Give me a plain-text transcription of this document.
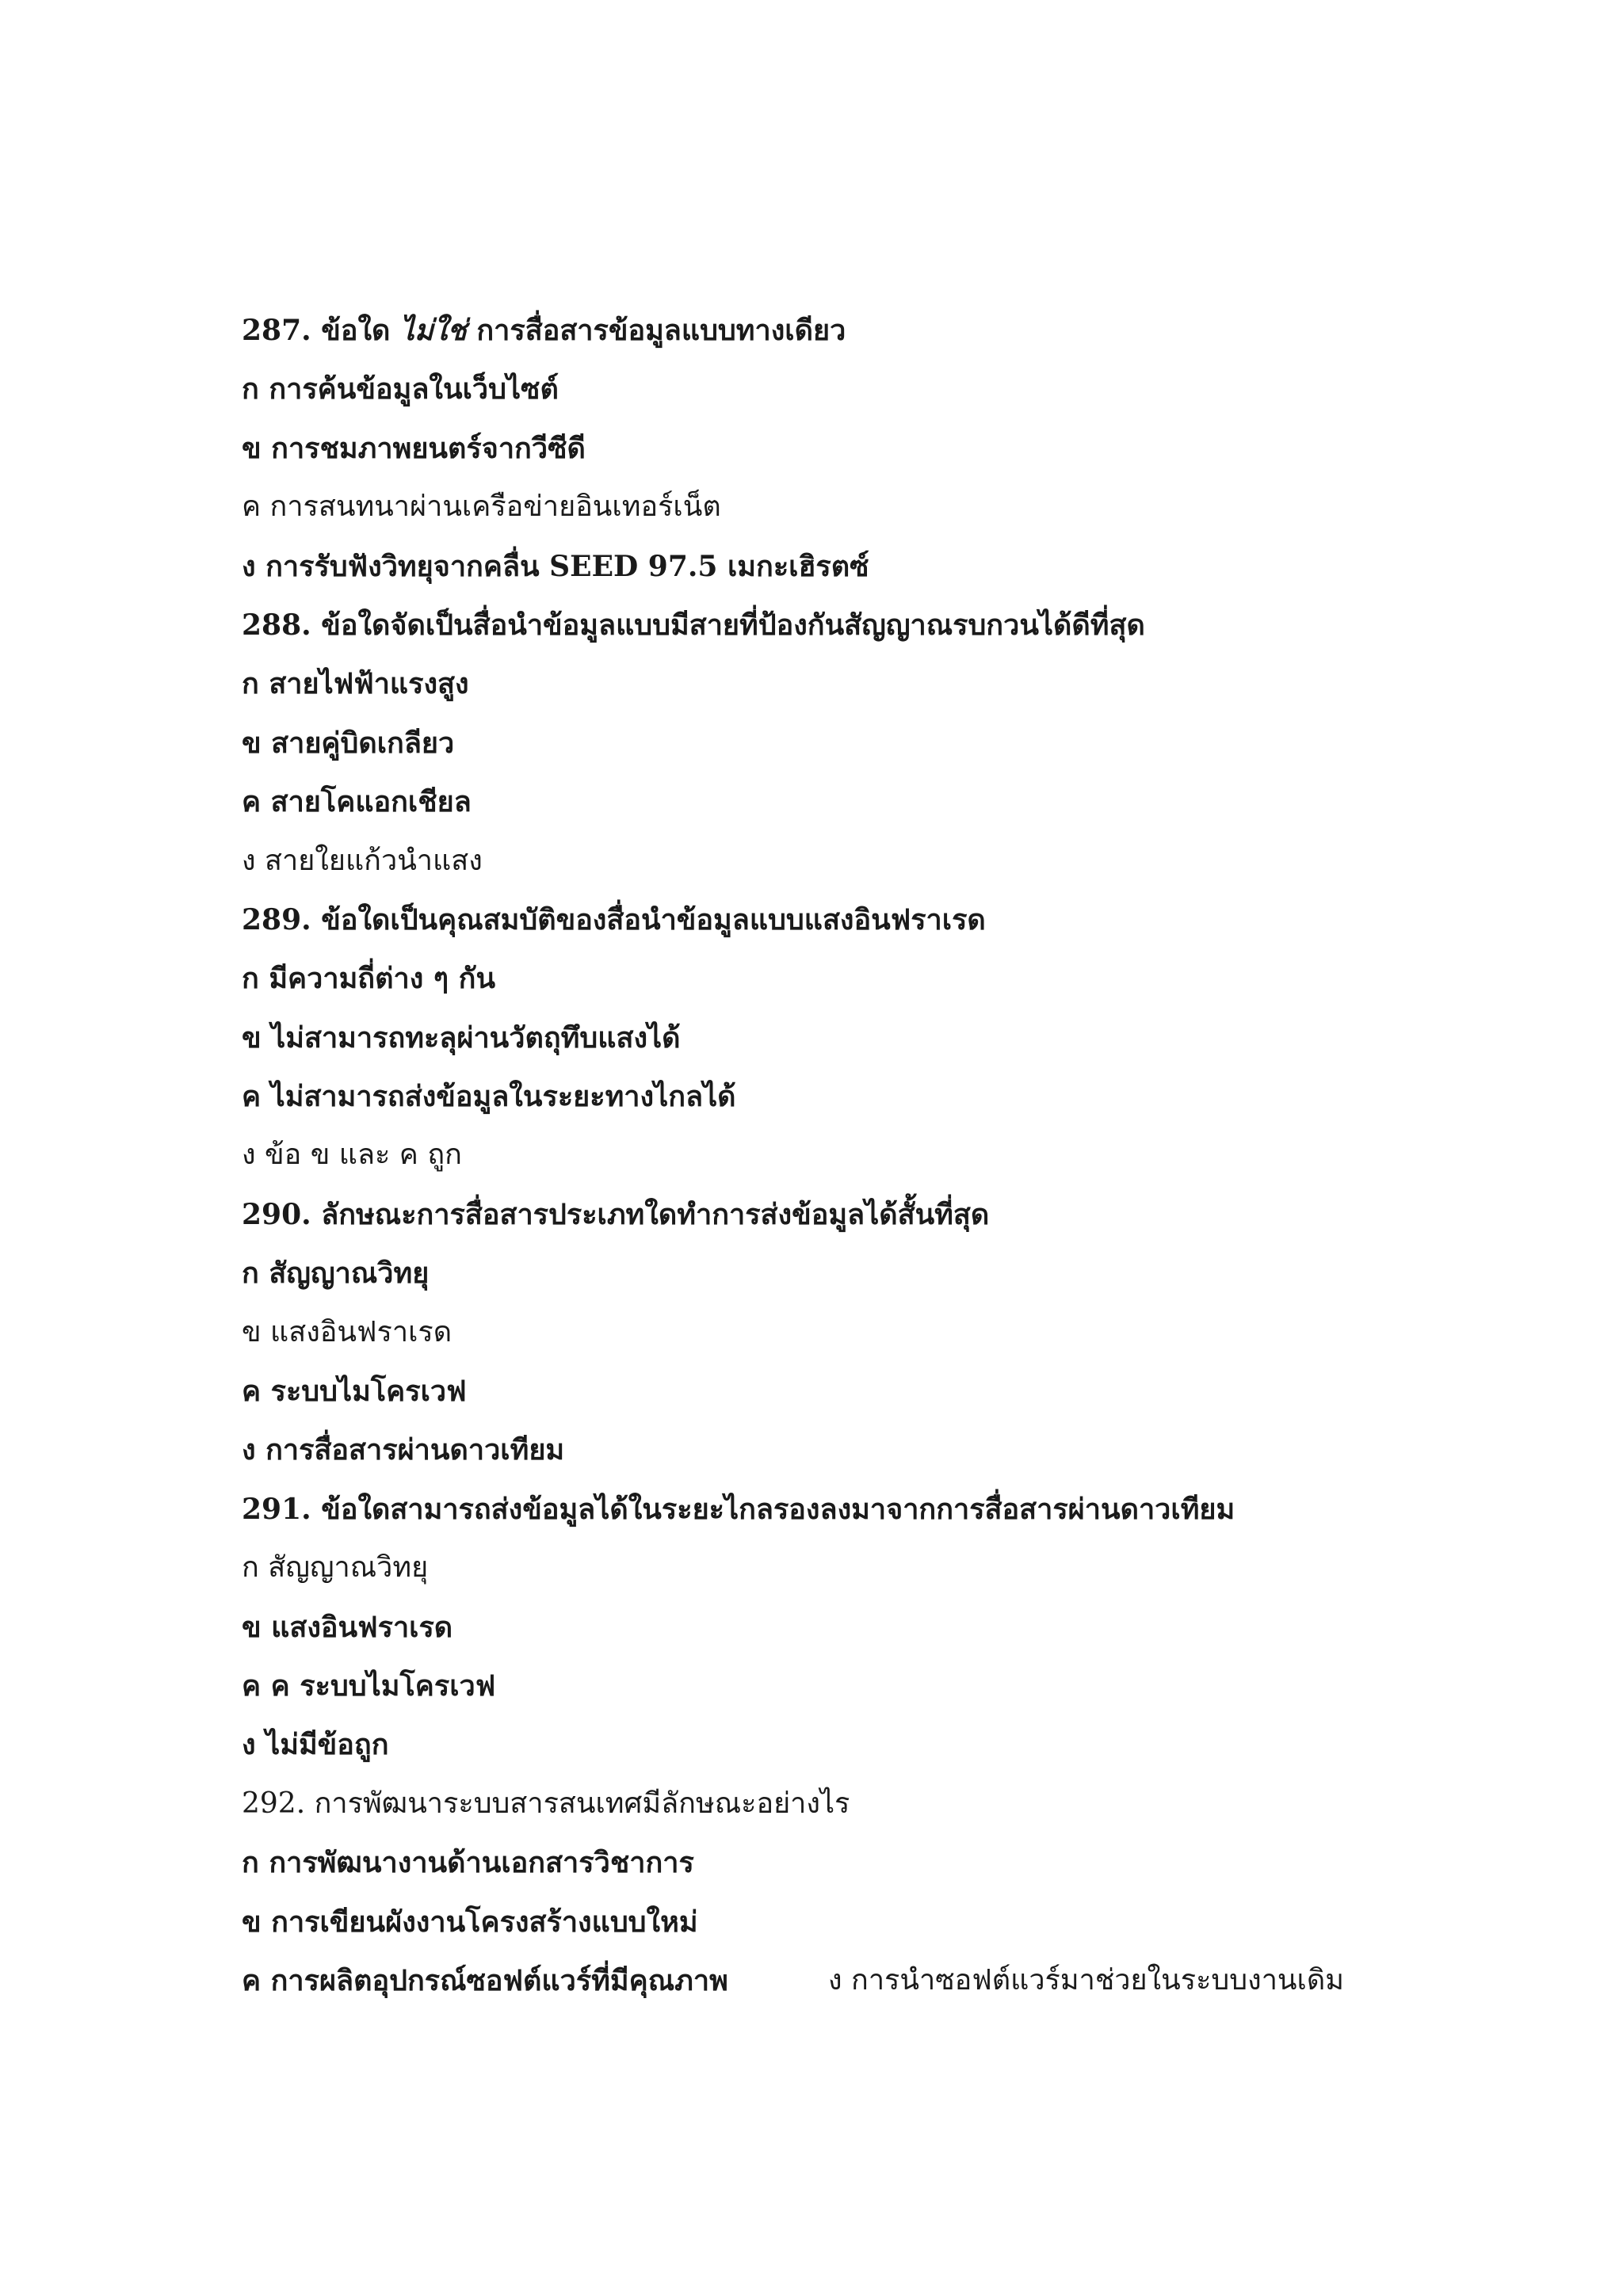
287. ข้อใด ไม่ใช่ การสื่อสารข้อมูลแบบทางเดียว
ก การค้นข้อมูลในเว็บไซต์
ข การชมภาพยนตร์จากวีซีดี
ค การสนทนาผ่านเครือข่ายอินเทอร์เน็ต
ง การรับฟังวิทยุจากคลื่น SEED 97.5 เมกะเฮิรตซ์
288. ข้อใดจัดเป็นสื่อนำข้อมูลแบบมีสายที่ป้องกันสัญญาณรบกวนได้ดีที่สุด
ก สายไฟฟ้าแรงสูง
ข สายคู่บิดเกลียว
ค สายโคแอกเชียล
ง สายใยแก้วนำแสง
289. ข้อใดเป็นคุณสมบัติของสื่อนำข้อมูลแบบแสงอินฟราเรด
ก มีความถี่ต่าง ๆ กัน
ข ไม่สามารถทะลุผ่านวัตถุทึบแสงได้
ค ไม่สามารถส่งข้อมูลในระยะทางไกลได้
ง ข้อ ข และ ค ถูก
290. ลักษณะการสื่อสารประเภทใดทำการส่งข้อมูลได้สั้นที่สุด
ก สัญญาณวิทยุ
ข แสงอินฟราเรด
ค ระบบไมโครเวฟ
ง การสื่อสารผ่านดาวเทียม
291. ข้อใดสามารถส่งข้อมูลได้ในระยะไกลรองลงมาจากการสื่อสารผ่านดาวเทียม
ก สัญญาณวิทยุ
ข แสงอินฟราเรด
ค ค ระบบไมโครเวฟ
ง ไม่มีข้อถูก
292. การพัฒนาระบบสารสนเทศมีลักษณะอย่างไร
ก การพัฒนางานด้านเอกสารวิชาการ
ข การเขียนผังงานโครงสร้างแบบใหม่
ค การผลิตอุปกรณ์ซอฟต์แวร์ที่มีคุณภาพ	ง การนำซอฟต์แวร์มาช่วยในระบบงานเดิม
